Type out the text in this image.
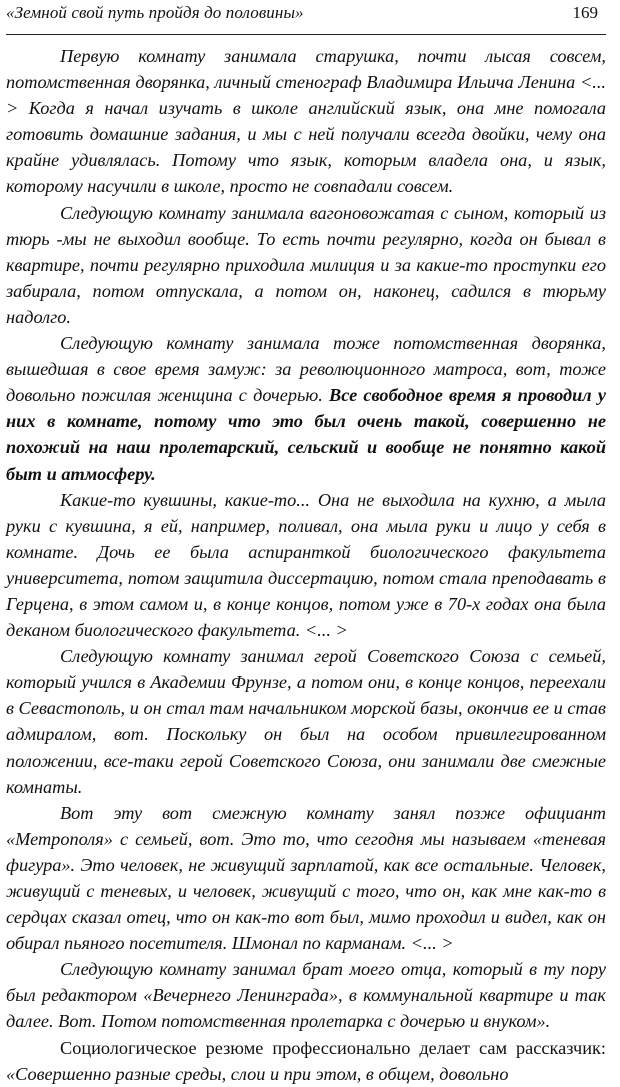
«Земной свой путь пройдя до половины»	169

Первую комнату занимала старушка, почти лысая совсем, потомственная дворянка, личный стенограф Владимира Ильича Ленина <... > Когда я начал изучать в школе английский язык, она мне помогала готовить домашние задания, и мы с ней получали всегда двойки, чему она крайне удивлялась. Потому что язык, которым владела она, и язык, которому насучили в школе, просто не совпадали совсем.

Следующую комнату занимала вагоновожатая с сыном, который из тюрь -мы не выходил вообще. То есть почти регулярно, когда он бывал в квартире, почти регулярно приходила милиция и за какие-то проступки его забирала, потом отпускала, а потом он, наконец, садился в тюрьму надолго.

Следующую комнату занимала тоже потомственная дворянка, вышедшая в свое время замуж: за революционного матроса, вот, тоже довольно пожилая женщина с дочерью. Все свободное время я проводил у них в комнате, потому что это был очень такой, совершенно не похожий на наш пролетарский, сельский и вообще не понятно какой быт и атмосферу.

Какие-то кувшины, какие-то... Она не выходила на кухню, а мыла руки с кувшина, я ей, например, поливал, она мыла руки и лицо у себя в комнате. Дочь ее была аспиранткой биологического факультета университета, потом защитила диссертацию, потом стала преподавать в Герцена, в этом самом и, в конце концов, потом уже в 70-х годах она была деканом биологического факультета. <... >

Следующую комнату занимал герой Советского Союза с семьей, который учился в Академии Фрунзе, а потом они, в конце концов, переехали в Севастополь, и он стал там начальником морской базы, окончив ее и став адмиралом, вот. Поскольку он был на особом привилегированном положении, все-таки герой Советского Союза, они занимали две смежные комнаты.

Вот эту вот смежную комнату занял позже официант «Метрополя» с семьей, вот. Это то, что сегодня мы называем «теневая фигура». Это человек, не живущий зарплатой, как все остальные. Человек, живущий с теневых, и человек, живущий с того, что он, как мне как-то в сердцах сказал отец, что он как-то вот был, мимо проходил и видел, как он обирал пьяного посетителя. Шмонал по карманам. <... >

Следующую комнату занимал брат моего отца, который в ту пору был редактором «Вечернего Ленинграда», в коммунальной квартире и так далее. Вот. Потом потомственная пролетарка с дочерью и внуком».

Социологическое резюме профессионально делает сам рассказчик: «Совершенно разные среды, слои и при этом, в общем, довольно
